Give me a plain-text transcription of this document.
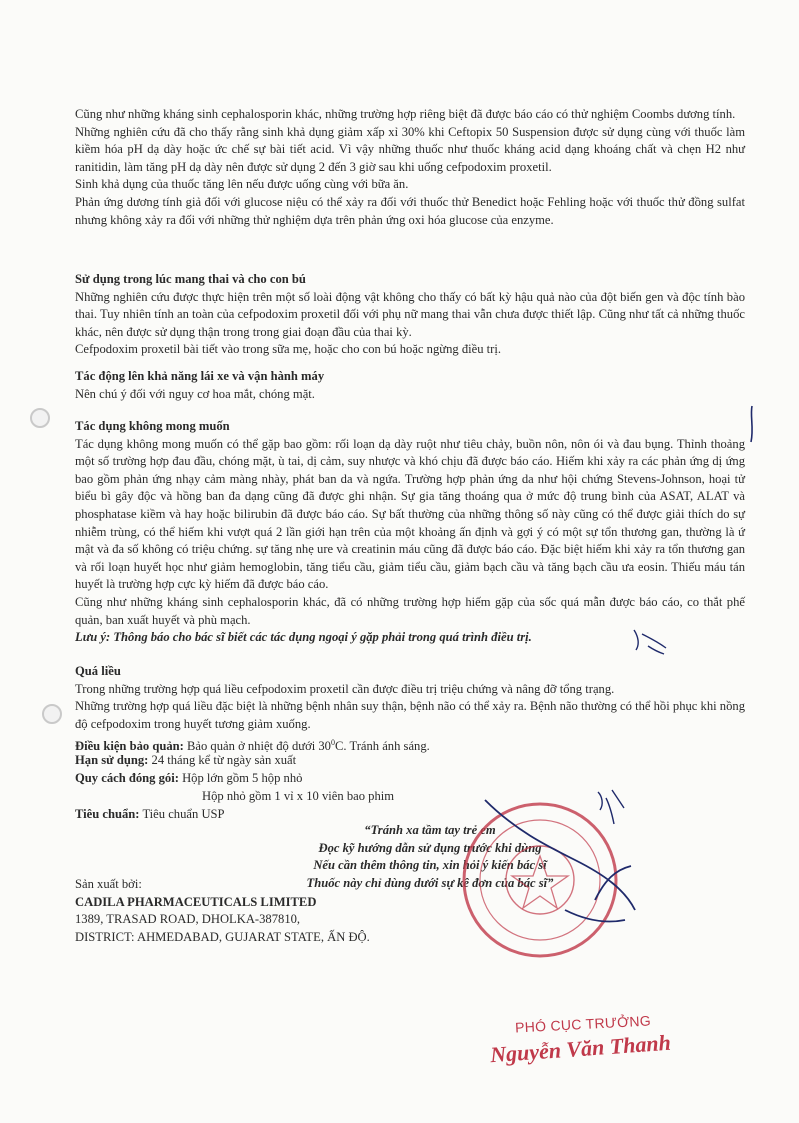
Cũng như những kháng sinh cephalosporin khác, những trường hợp riêng biệt đã được báo cáo có thử nghiệm Coombs dương tính.

Những nghiên cứu đã cho thấy rằng sinh khả dụng giảm xấp xỉ 30% khi Ceftopix 50 Suspension được sử dụng cùng với thuốc làm kiềm hóa pH dạ dày hoặc ức chế sự bài tiết acid. Vì vậy những thuốc như thuốc kháng acid dạng khoáng chất và chẹn H2 như ranitidin, làm tăng pH dạ dày nên được sử dụng 2 đến 3 giờ sau khi uống cefpodoxim proxetil.

Sinh khả dụng của thuốc tăng lên nếu được uống cùng với bữa ăn.

Phản ứng dương tính giả đối với glucose niệu có thể xảy ra đối với thuốc thử Benedict hoặc Fehling hoặc với thuốc thử đồng sulfat nhưng không xảy ra đối với những thử nghiệm dựa trên phản ứng oxi hóa glucose của enzyme.

Sử dụng trong lúc mang thai và cho con bú

Những nghiên cứu được thực hiện trên một số loài động vật không cho thấy có bất kỳ hậu quả nào của đột biến gen và độc tính bào thai. Tuy nhiên tính an toàn của cefpodoxim proxetil đối với phụ nữ mang thai vẫn chưa được thiết lập. Cũng như tất cả những thuốc khác, nên được sử dụng thận trong trong giai đoạn đầu của thai kỳ.

Cefpodoxim proxetil bài tiết vào trong sữa mẹ, hoặc cho con bú hoặc ngừng điều trị.

Tác động lên khả năng lái xe và vận hành máy

Nên chú ý đối với nguy cơ hoa mắt, chóng mặt.

Tác dụng không mong muốn

Tác dụng không mong muốn có thể gặp bao gồm: rối loạn dạ dày ruột như tiêu chảy, buồn nôn, nôn ói và đau bụng. Thỉnh thoảng một số trường hợp đau đầu, chóng mặt, ù tai, dị cảm, suy nhược và khó chịu đã được báo cáo. Hiếm khi xảy ra các phản ứng dị ứng bao gồm phản ứng nhạy cảm màng nhày, phát ban da và ngứa. Trường hợp phản ứng da như hội chứng Stevens-Johnson, hoại tử biểu bì gây độc và hồng ban đa dạng cũng đã được ghi nhận. Sự gia tăng thoáng qua ở mức độ trung bình của ASAT, ALAT và phosphatase kiềm và hay hoặc bilirubin đã được báo cáo. Sự bất thường của những thông số này cũng có thể được giải thích do sự nhiễm trùng, có thể hiếm khi vượt quá 2 lần giới hạn trên của một khoảng ấn định và gợi ý có một sự tổn thương gan, thường là ứ mật và đa số không có triệu chứng. sự tăng nhẹ ure và creatinin máu cũng đã được báo cáo. Đặc biệt hiếm khi xảy ra tổn thương gan và rối loạn huyết học như giảm hemoglobin, tăng tiểu cầu, giảm tiểu cầu, giảm bạch cầu và tăng bạch cầu ưa eosin. Thiếu máu tán huyết là trường hợp cực kỳ hiếm đã được báo cáo.

Cũng như những kháng sinh cephalosporin khác, đã có những trường hợp hiếm gặp của sốc quá mẫn được báo cáo, co thắt phế quản, ban xuất huyết và phù mạch.

Lưu ý: Thông báo cho bác sĩ biết các tác dụng ngoại ý gặp phải trong quá trình điều trị.

Quá liều

Trong những trường hợp quá liều cefpodoxim proxetil cần được điều trị triệu chứng và nâng đỡ tổng trạng.

Những trường hợp quá liều đặc biệt là những bệnh nhân suy thận, bệnh não có thể xảy ra. Bệnh não thường có thể hồi phục khi nồng độ cefpodoxim trong huyết tương giảm xuống.

Điều kiện bảo quản: Bảo quản ở nhiệt độ dưới $30^0C$. Tránh ánh sáng.
Hạn sử dụng: 24 tháng kể từ ngày sản xuất
Quy cách đóng gói: Hộp lớn gồm 5 hộp nhỏ
Hộp nhỏ gồm 1 vỉ x 10 viên bao phim
Tiêu chuẩn: Tiêu chuẩn USP
“Tránh xa tầm tay trẻ em
Đọc kỹ hướng dẫn sử dụng trước khi dùng
Nếu cần thêm thông tin, xin hỏi ý kiến bác sĩ
Thuốc này chỉ dùng dưới sự kê đơn của bác sĩ”
Sản xuất bởi:
CADILA PHARMACEUTICALS LIMITED
1389, TRASAD ROAD, DHOLKA-387810,
DISTRICT: AHMEDABAD, GUJARAT STATE, ẤN ĐỘ.
PHÓ CỤC TRƯỞNG
Nguyễn Văn Thanh
